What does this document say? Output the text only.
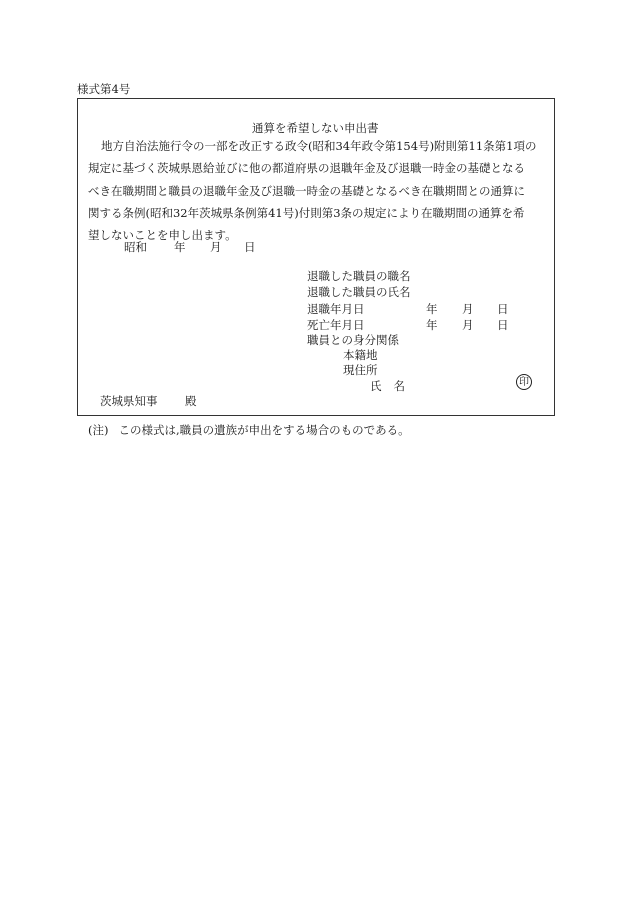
様式第4号
通算を希望しない申出書
地方自治法施行令の一部を改正する政令(昭和34年政令第154号)附則第11条第1項の
規定に基づく茨城県恩給並びに他の都道府県の退職年金及び退職一時金の基礎となる
べき在職期間と職員の退職年金及び退職一時金の基礎となるべき在職期間との通算に
関する条例(昭和32年茨城県条例第41号)付則第3条の規定により在職期間の通算を希
望しないことを申し出ます。
昭和 年 月 日
退職した職員の職名
退職した職員の氏名
退職年月日	年 月 日
死亡年月日	年 月 日
職員との身分関係
本籍地
現住所
氏名	印
茨城県知事 殿
(注) この様式は,職員の遺族が申出をする場合のものである。
